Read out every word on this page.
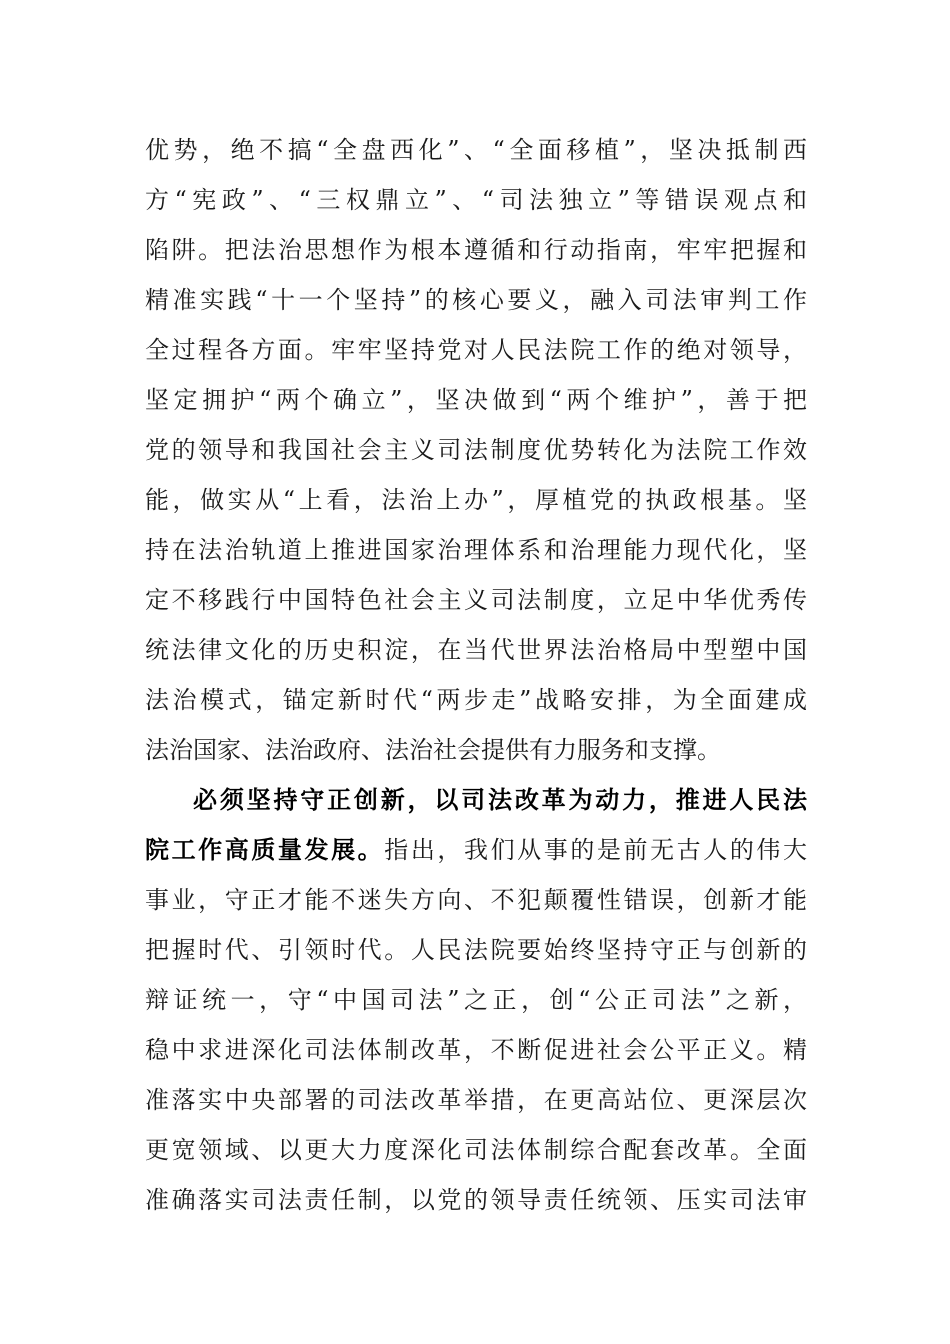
优势，绝不搞“全盘西化”、“全面移植”，坚决抵制西
方“宪政”、“三权鼎立”、“司法独立”等错误观点和
陷阱。把法治思想作为根本遵循和行动指南，牢牢把握和
精准实践“十一个坚持”的核心要义，融入司法审判工作
全过程各方面。牢牢坚持党对人民法院工作的绝对领导，
坚定拥护“两个确立”，坚决做到“两个维护”，善于把
党的领导和我国社会主义司法制度优势转化为法院工作效
能，做实从“上看，法治上办”，厚植党的执政根基。坚
持在法治轨道上推进国家治理体系和治理能力现代化，坚
定不移践行中国特色社会主义司法制度，立足中华优秀传
统法律文化的历史积淀，在当代世界法治格局中型塑中国
法治模式，锚定新时代“两步走”战略安排，为全面建成
法治国家、法治政府、法治社会提供有力服务和支撑。
必须坚持守正创新，以司法改革为动力，推进人民法
院工作高质量发展。指出，我们从事的是前无古人的伟大
事业，守正才能不迷失方向、不犯颠覆性错误，创新才能
把握时代、引领时代。人民法院要始终坚持守正与创新的
辩证统一，守“中国司法”之正，创“公正司法”之新，
稳中求进深化司法体制改革，不断促进社会公平正义。精
准落实中央部署的司法改革举措，在更高站位、更深层次
更宽领域、以更大力度深化司法体制综合配套改革。全面
准确落实司法责任制，以党的领导责任统领、压实司法审
